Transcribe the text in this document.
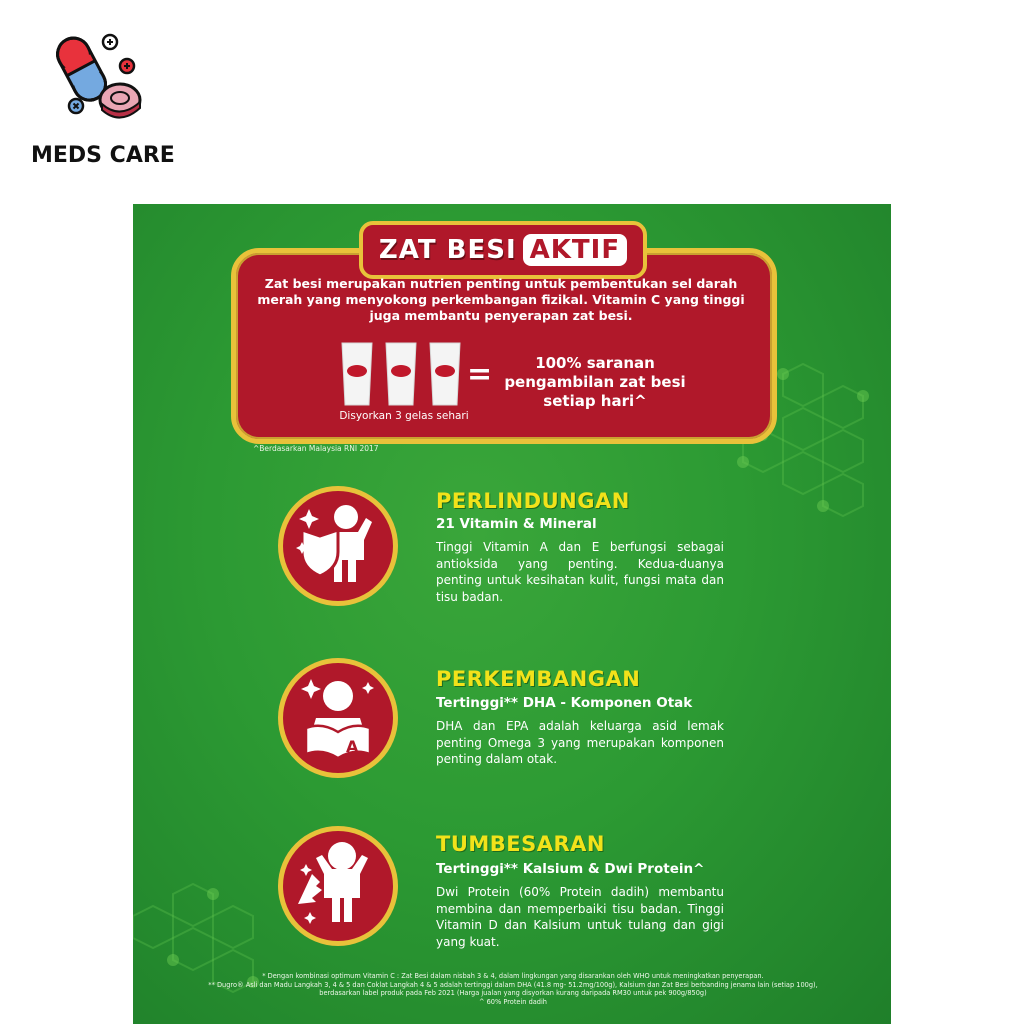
MEDS CARE
ZAT BESI AKTIF
Zat besi merupakan nutrien penting untuk pembentukan sel darah merah yang menyokong perkembangan fizikal. Vitamin C yang tinggi juga membantu penyerapan zat besi.
Disyorkan 3 gelas sehari
=	100% saranan pengambilan zat besi setiap hari^
^Berdasarkan Malaysia RNI 2017
PERLINDUNGAN
21 Vitamin & Mineral
Tinggi Vitamin A dan E berfungsi sebagai antioksida yang penting. Kedua-duanya penting untuk kesihatan kulit, fungsi mata dan tisu badan.
A
PERKEMBANGAN
Tertinggi** DHA - Komponen Otak
DHA dan EPA adalah keluarga asid lemak penting Omega 3 yang merupakan komponen penting dalam otak.
TUMBESARAN
Tertinggi** Kalsium & Dwi Protein^
Dwi Protein (60% Protein dadih) membantu membina dan memperbaiki tisu badan. Tinggi Vitamin D dan Kalsium untuk tulang dan gigi yang kuat.
* Dengan kombinasi optimum Vitamin C : Zat Besi dalam nisbah 3 & 4, dalam lingkungan yang disarankan oleh WHO untuk meningkatkan penyerapan.
** Dugro® Asli dan Madu Langkah 3, 4 & 5 dan Coklat Langkah 4 & 5 adalah tertinggi dalam DHA (41.8 mg- 51.2mg/100g), Kalsium dan Zat Besi berbanding jenama lain (setiap 100g), berdasarkan label produk pada Feb 2021 (Harga jualan yang disyorkan kurang daripada RM30 untuk pek 900g/850g)
^ 60% Protein dadih
